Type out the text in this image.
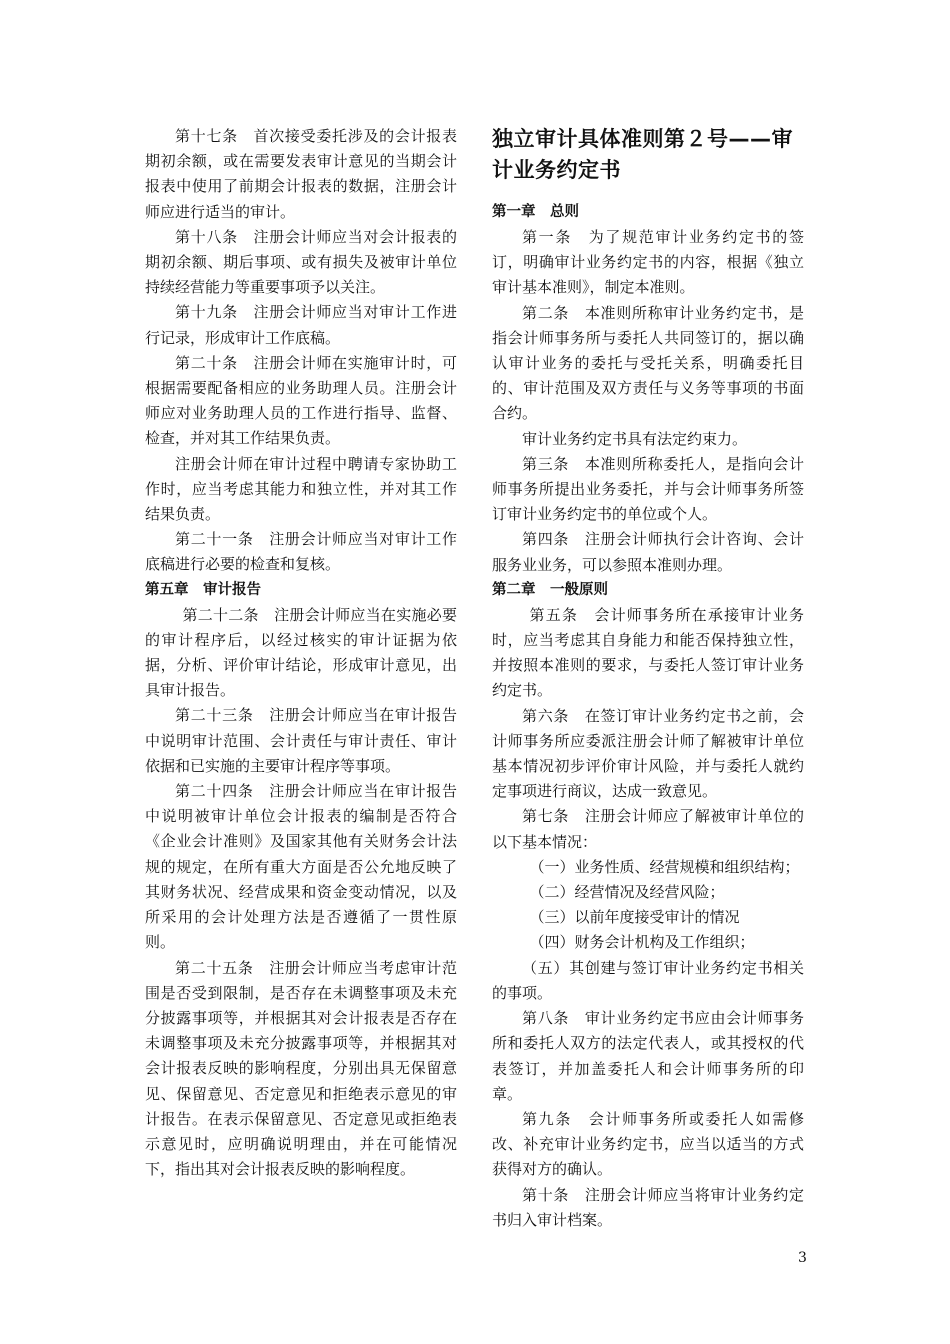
第十七条　首次接受委托涉及的会计报表期初余额，或在需要发表审计意见的当期会计报表中使用了前期会计报表的数据，注册会计师应进行适当的审计。

第十八条　注册会计师应当对会计报表的期初余额、期后事项、或有损失及被审计单位持续经营能力等重要事项予以关注。

第十九条　注册会计师应当对审计工作进行记录，形成审计工作底稿。

第二十条　注册会计师在实施审计时，可根据需要配备相应的业务助理人员。注册会计师应对业务助理人员的工作进行指导、监督、检查，并对其工作结果负责。

注册会计师在审计过程中聘请专家协助工作时，应当考虑其能力和独立性，并对其工作结果负责。

第二十一条　注册会计师应当对审计工作底稿进行必要的检查和复核。

第五章　审计报告

第二十二条　注册会计师应当在实施必要的审计程序后，以经过核实的审计证据为依据，分析、评价审计结论，形成审计意见，出具审计报告。

第二十三条　注册会计师应当在审计报告中说明审计范围、会计责任与审计责任、审计依据和已实施的主要审计程序等事项。

第二十四条　注册会计师应当在审计报告中说明被审计单位会计报表的编制是否符合《企业会计准则》及国家其他有关财务会计法规的规定，在所有重大方面是否公允地反映了其财务状况、经营成果和资金变动情况，以及所采用的会计处理方法是否遵循了一贯性原则。

第二十五条　注册会计师应当考虑审计范围是否受到限制，是否存在未调整事项及未充分披露事项等，并根据其对会计报表是否存在未调整事项及未充分披露事项等，并根据其对会计报表反映的影响程度，分别出具无保留意见、保留意见、否定意见和拒绝表示意见的审计报告。在表示保留意见、否定意见或拒绝表示意见时，应明确说明理由，并在可能情况下，指出其对会计报表反映的影响程度。

独立审计具体准则第２号——审计业务约定书

第一章　总则

第一条　为了规范审计业务约定书的签订，明确审计业务约定书的内容，根据《独立审计基本准则》，制定本准则。

第二条　本准则所称审计业务约定书，是指会计师事务所与委托人共同签订的，据以确认审计业务的委托与受托关系，明确委托目的、审计范围及双方责任与义务等事项的书面合约。

审计业务约定书具有法定约束力。

第三条　本准则所称委托人，是指向会计师事务所提出业务委托，并与会计师事务所签订审计业务约定书的单位或个人。

第四条　注册会计师执行会计咨询、会计服务业业务，可以参照本准则办理。

第二章　一般原则

第五条　会计师事务所在承接审计业务时，应当考虑其自身能力和能否保持独立性，并按照本准则的要求，与委托人签订审计业务约定书。

第六条　在签订审计业务约定书之前，会计师事务所应委派注册会计师了解被审计单位基本情况初步评价审计风险，并与委托人就约定事项进行商议，达成一致意见。

第七条　注册会计师应了解被审计单位的以下基本情况：

（一）业务性质、经营规模和组织结构；

（二）经营情况及经营风险；

（三）以前年度接受审计的情况

（四）财务会计机构及工作组织；

（五）其创建与签订审计业务约定书相关的事项。

第八条　审计业务约定书应由会计师事务所和委托人双方的法定代表人，或其授权的代表签订，并加盖委托人和会计师事务所的印章。

第九条　会计师事务所或委托人如需修改、补充审计业务约定书，应当以适当的方式获得对方的确认。

第十条　注册会计师应当将审计业务约定书归入审计档案。

3
